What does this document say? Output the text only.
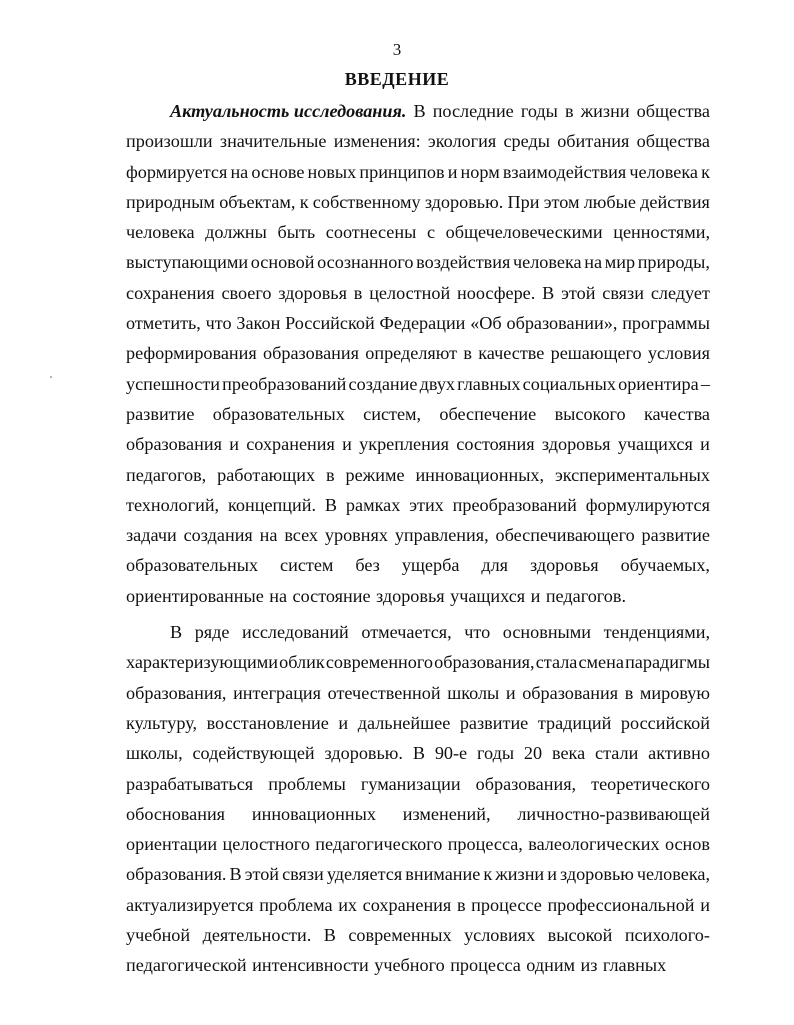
3
ВВЕДЕНИЕ
Актуальность исследования. В последние годы в жизни общества
произошли значительные изменения: экология среды обитания общества
формируется на основе новых принципов и норм взаимодействия человека к
природным объектам, к собственному здоровью. При этом любые действия
человека должны быть соотнесены с общечеловеческими ценностями,
выступающими основой осознанного воздействия человека на мир природы,
сохранения своего здоровья в целостной ноосфере. В этой связи следует
отметить, что Закон Российской Федерации «Об образовании», программы
реформирования образования определяют в качестве решающего условия
успешности преобразований создание двух главных социальных ориентира –
развитие образовательных систем, обеспечение высокого качества
образования и сохранения и укрепления состояния здоровья учащихся и
педагогов, работающих в режиме инновационных, экспериментальных
технологий, концепций. В рамках этих преобразований формулируются
задачи создания на всех уровнях управления, обеспечивающего развитие
образовательных систем без ущерба для здоровья обучаемых,
ориентированные на состояние здоровья учащихся и педагогов.
В ряде исследований отмечается, что основными тенденциями,
характеризующими облик современного образования, стала смена парадигмы
образования, интеграция отечественной школы и образования в мировую
культуру, восстановление и дальнейшее развитие традиций российской
школы, содействующей здоровью. В 90-е годы 20 века стали активно
разрабатываться проблемы гуманизации образования, теоретического
обоснования инновационных изменений, личностно-развивающей
ориентации целостного педагогического процесса, валеологических основ
образования. В этой связи уделяется внимание к жизни и здоровью человека,
актуализируется проблема их сохранения в процессе профессиональной и
учебной деятельности. В современных условиях высокой психолого-
педагогической интенсивности учебного процесса одним из главных
